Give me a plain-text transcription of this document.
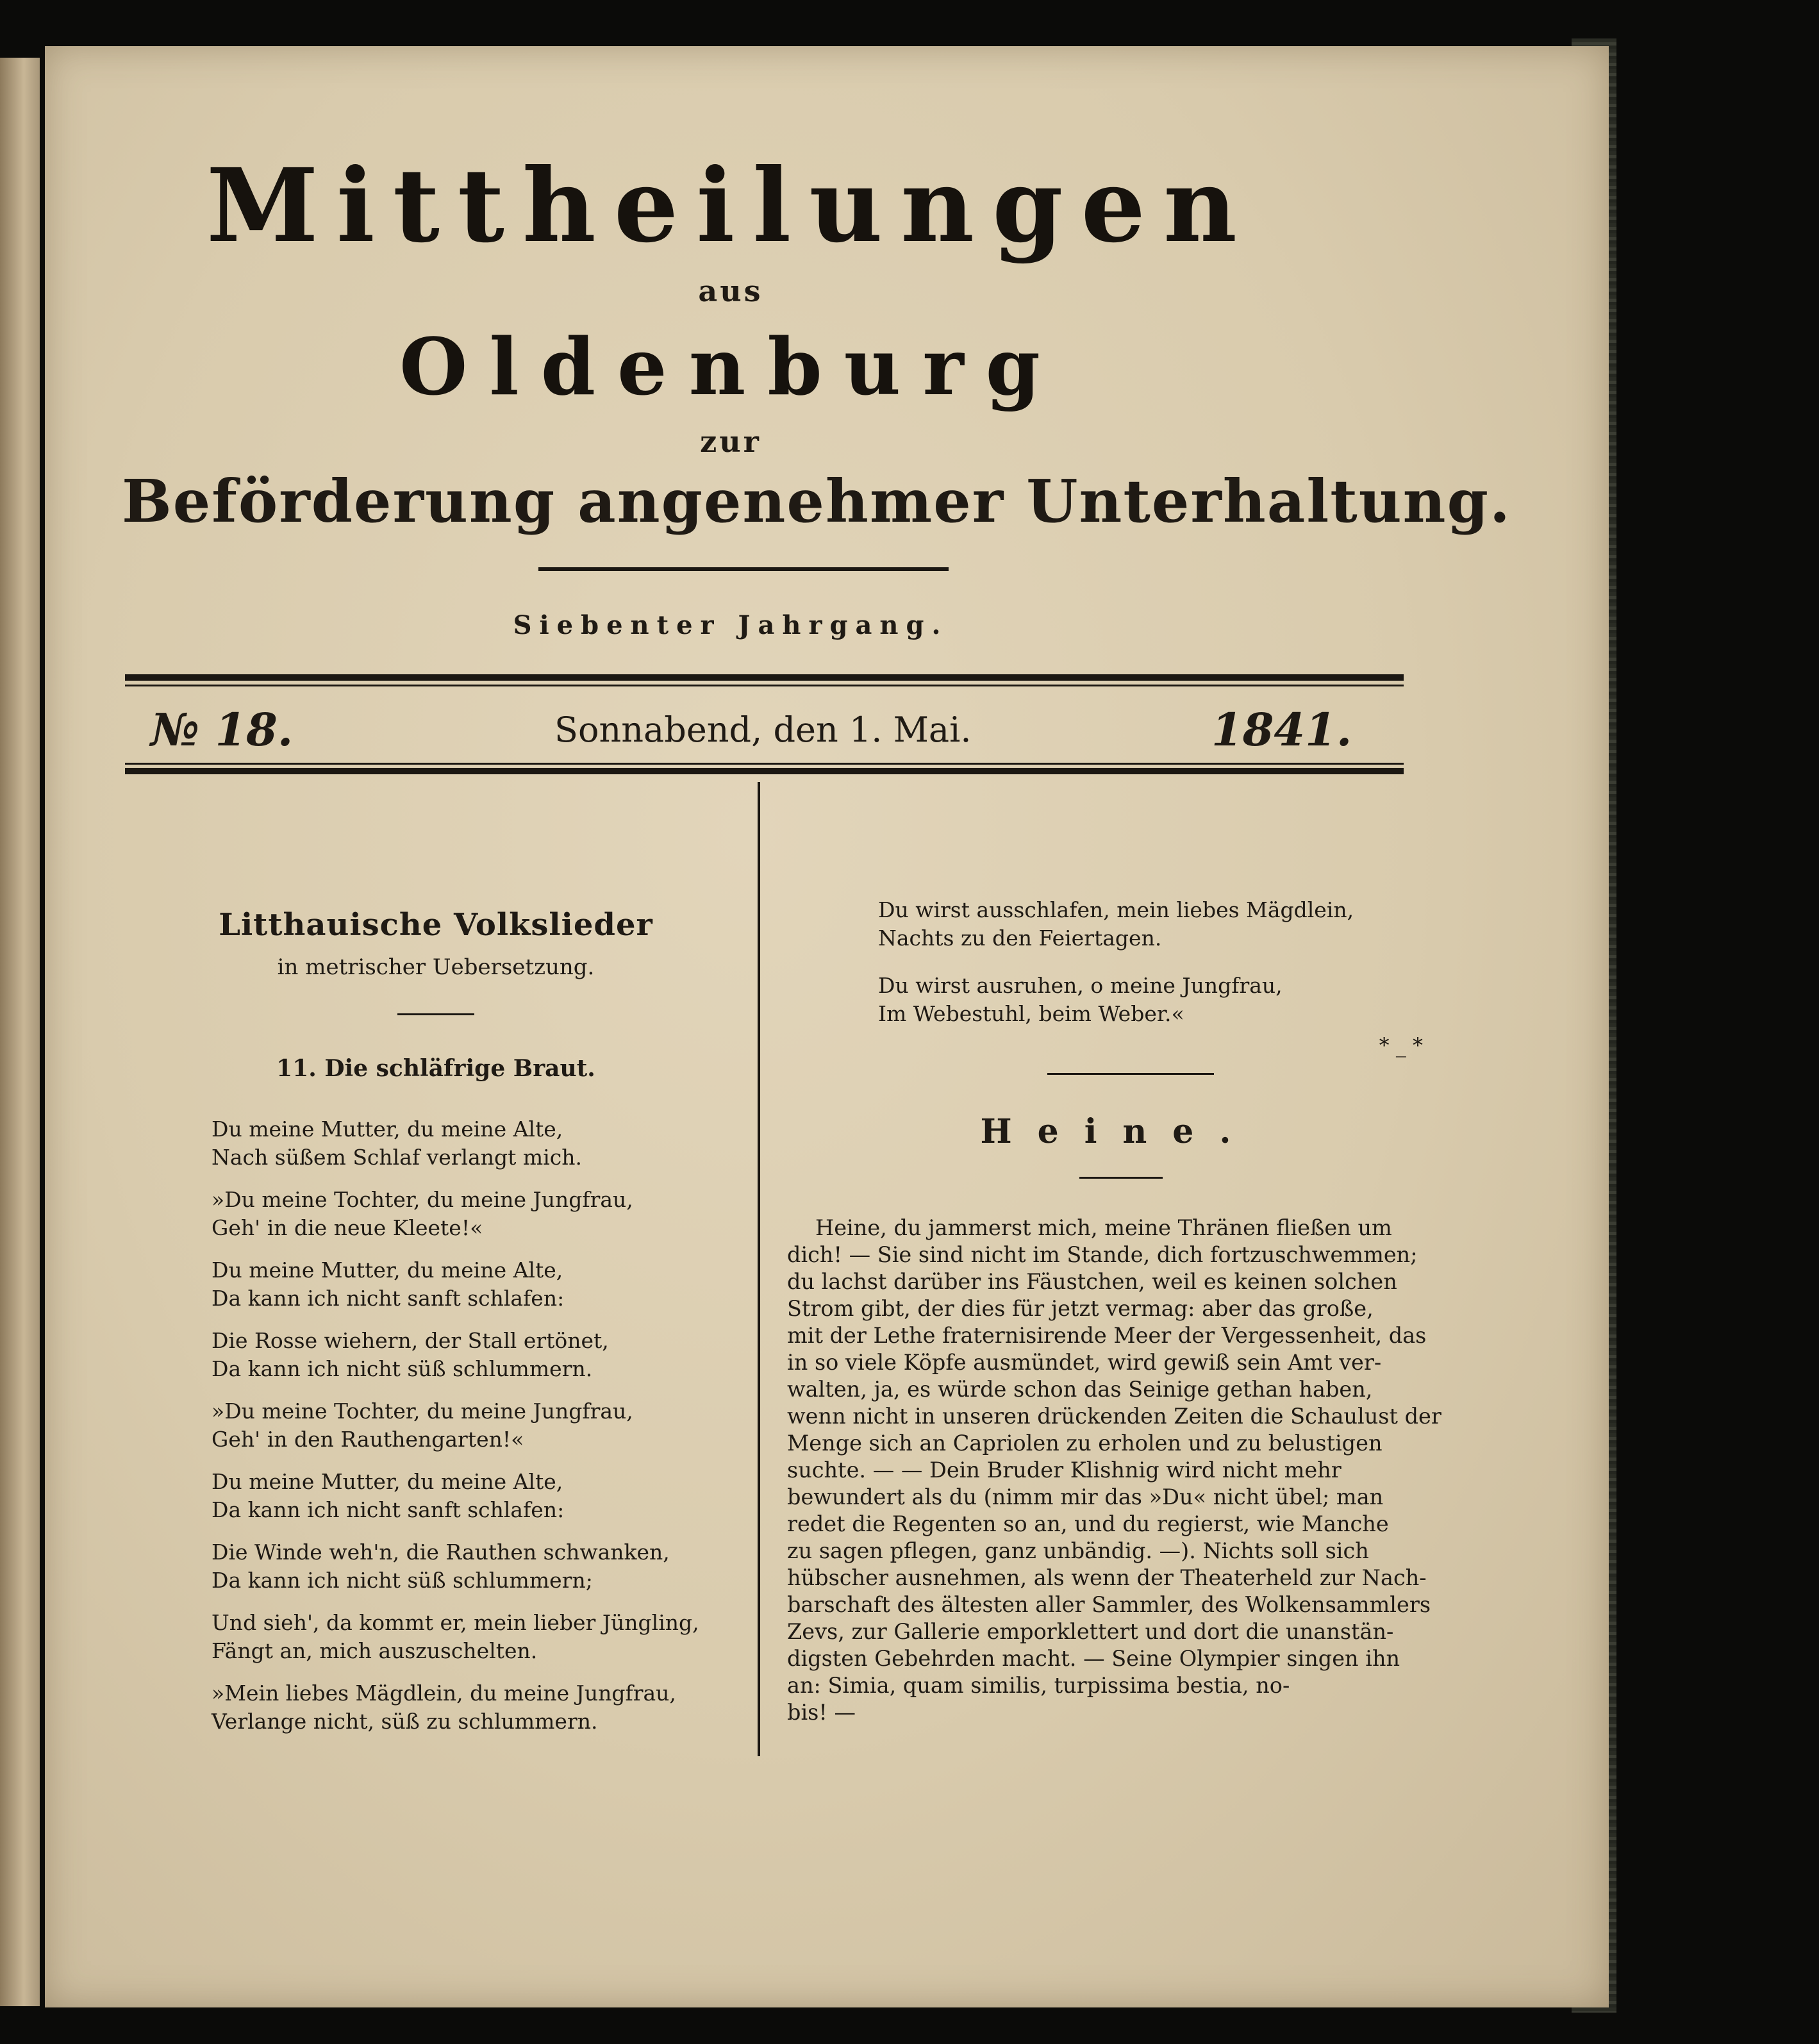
Mittheilungen
aus
Oldenburg
zur
Beförderung angenehmer Unterhaltung.
Siebenter Jahrgang.
№ 18.	Sonnabend, den 1. Mai.	1841.
Litthauische Volkslieder
in metrischer Uebersetzung.
11. Die schläfrige Braut.
Du meine Mutter, du meine Alte,
Nach süßem Schlaf verlangt mich.
»Du meine Tochter, du meine Jungfrau,
Geh' in die neue Kleete!«
Du meine Mutter, du meine Alte,
Da kann ich nicht sanft schlafen:
Die Rosse wiehern, der Stall ertönet,
Da kann ich nicht süß schlummern.
»Du meine Tochter, du meine Jungfrau,
Geh' in den Rauthengarten!«
Du meine Mutter, du meine Alte,
Da kann ich nicht sanft schlafen:
Die Winde weh'n, die Rauthen schwanken,
Da kann ich nicht süß schlummern;
Und sieh', da kommt er, mein lieber Jüngling,
Fängt an, mich auszuschelten.
»Mein liebes Mägdlein, du meine Jungfrau,
Verlange nicht, süß zu schlummern.
Du wirst ausschlafen, mein liebes Mägdlein,
Nachts zu den Feiertagen.
Du wirst ausruhen, o meine Jungfrau,
Im Webestuhl, beim Weber.«
* _ *
Heine.
Heine, du jammerst mich, meine Thränen fließen um
dich! — Sie sind nicht im Stande, dich fortzuschwemmen;
du lachst darüber ins Fäustchen, weil es keinen solchen
Strom gibt, der dies für jetzt vermag: aber das große,
mit der Lethe fraternisirende Meer der Vergessenheit, das
in so viele Köpfe ausmündet, wird gewiß sein Amt ver-
walten, ja, es würde schon das Seinige gethan haben,
wenn nicht in unseren drückenden Zeiten die Schaulust der
Menge sich an Capriolen zu erholen und zu belustigen
suchte. — — Dein Bruder Klishnig wird nicht mehr
bewundert als du (nimm mir das »Du« nicht übel; man
redet die Regenten so an, und du regierst, wie Manche
zu sagen pflegen, ganz unbändig. —). Nichts soll sich
hübscher ausnehmen, als wenn der Theaterheld zur Nach-
barschaft des ältesten aller Sammler, des Wolkensammlers
Zevs, zur Gallerie emporklettert und dort die unanstän-
digsten Gebehrden macht. — Seine Olympier singen ihn
an: Simia, quam similis, turpissima bestia, no-
bis! —
